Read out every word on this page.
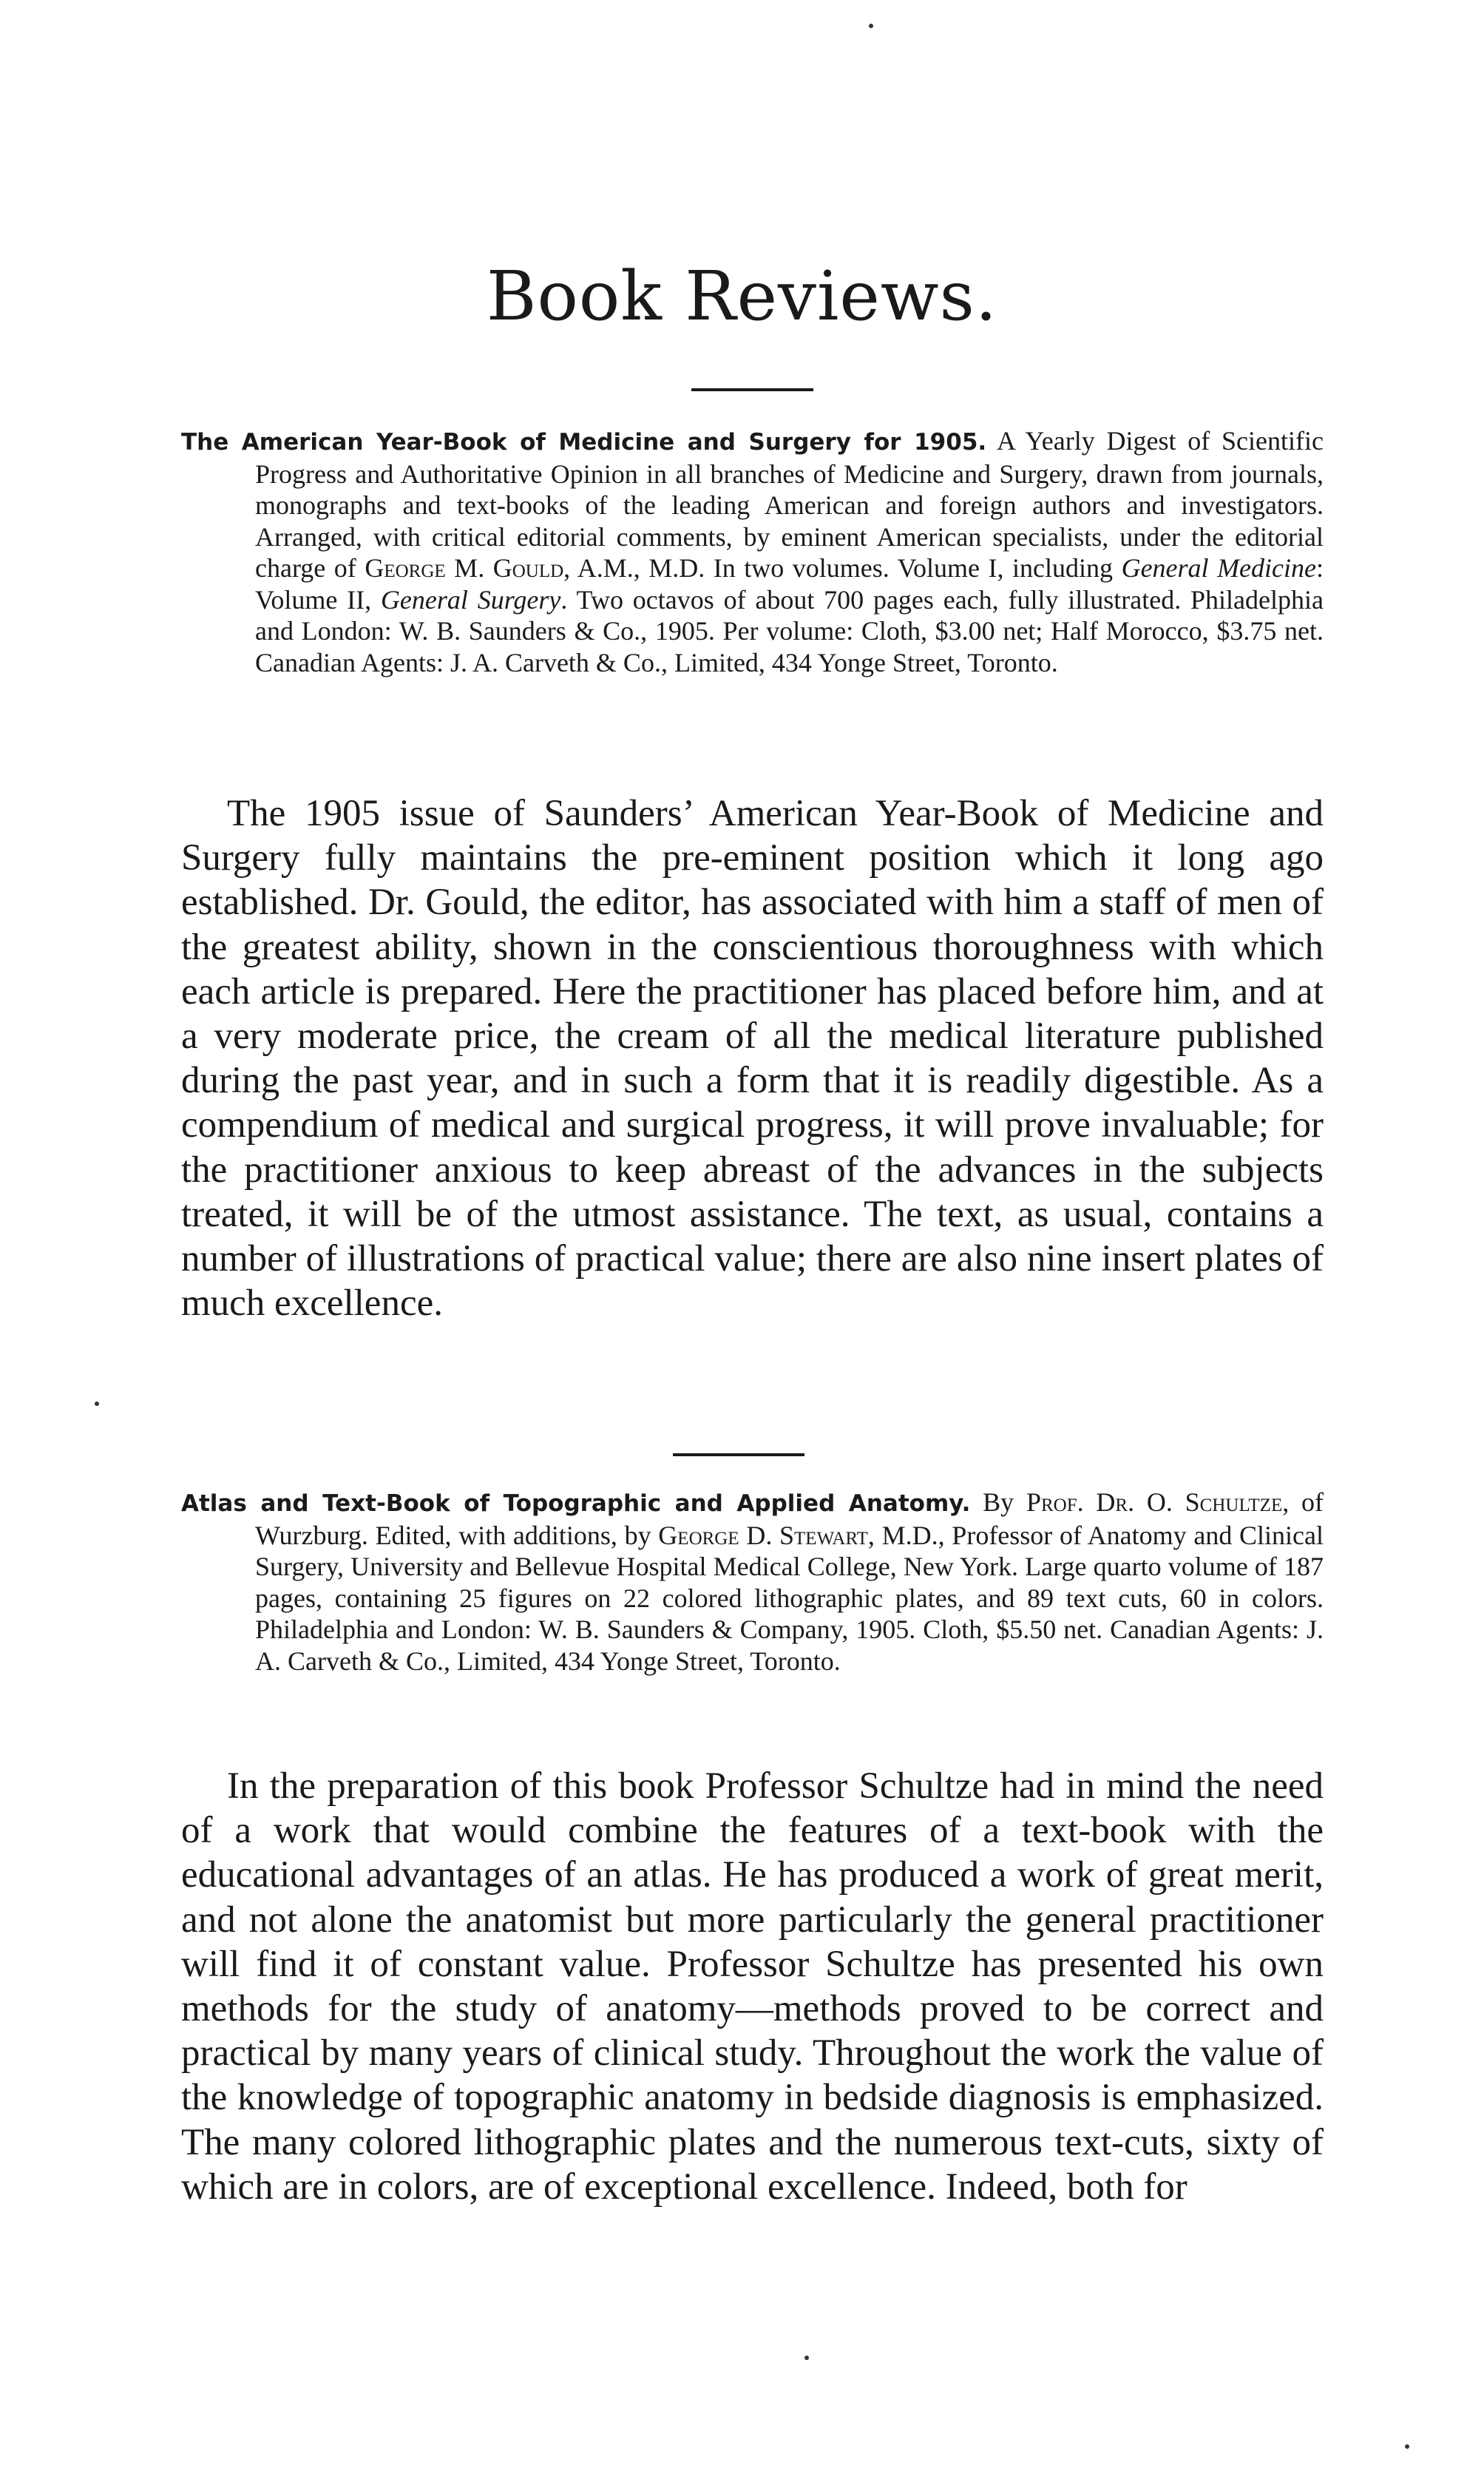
Book Reviews.
The American Year-Book of Medicine and Surgery for 1905. A Yearly Digest of Scientific Progress and Authoritative Opinion in all branches of Medicine and Surgery, drawn from journals, monographs and text-books of the leading American and foreign authors and investigators. Arranged, with critical editorial comments, by eminent American specialists, under the editorial charge of George M. Gould, A.M., M.D. In two volumes. Volume I, including General Medicine: Volume II, General Surgery. Two octavos of about 700 pages each, fully illustrated. Philadelphia and London: W. B. Saunders & Co., 1905. Per volume: Cloth, $3.00 net; Half Morocco, $3.75 net. Canadian Agents: J. A. Carveth & Co., Limited, 434 Yonge Street, Toronto.
The 1905 issue of Saunders’ American Year-Book of Medicine and Surgery fully maintains the pre-eminent position which it long ago established. Dr. Gould, the editor, has associated with him a staff of men of the greatest ability, shown in the conscientious thoroughness with which each article is prepared. Here the practitioner has placed before him, and at a very moderate price, the cream of all the medical literature published during the past year, and in such a form that it is readily digestible. As a compendium of medical and surgical progress, it will prove invaluable; for the practitioner anxious to keep abreast of the advances in the subjects treated, it will be of the utmost assistance. The text, as usual, contains a number of illustrations of practical value; there are also nine insert plates of much excellence.
Atlas and Text-Book of Topographic and Applied Anatomy. By Prof. Dr. O. Schultze, of Wurzburg. Edited, with additions, by George D. Stewart, M.D., Professor of Anatomy and Clinical Surgery, University and Bellevue Hospital Medical College, New York. Large quarto volume of 187 pages, containing 25 figures on 22 colored lithographic plates, and 89 text cuts, 60 in colors. Philadelphia and London: W. B. Saunders & Company, 1905. Cloth, $5.50 net. Canadian Agents: J. A. Carveth & Co., Limited, 434 Yonge Street, Toronto.
In the preparation of this book Professor Schultze had in mind the need of a work that would combine the features of a text-book with the educational advantages of an atlas. He has produced a work of great merit, and not alone the anatomist but more particularly the general practitioner will find it of constant value. Professor Schultze has presented his own methods for the study of anatomy—methods proved to be correct and practical by many years of clinical study. Throughout the work the value of the knowledge of topographic anatomy in bedside diagnosis is emphasized. The many colored lithographic plates and the numerous text-cuts, sixty of which are in colors, are of exceptional excellence. Indeed, both for
